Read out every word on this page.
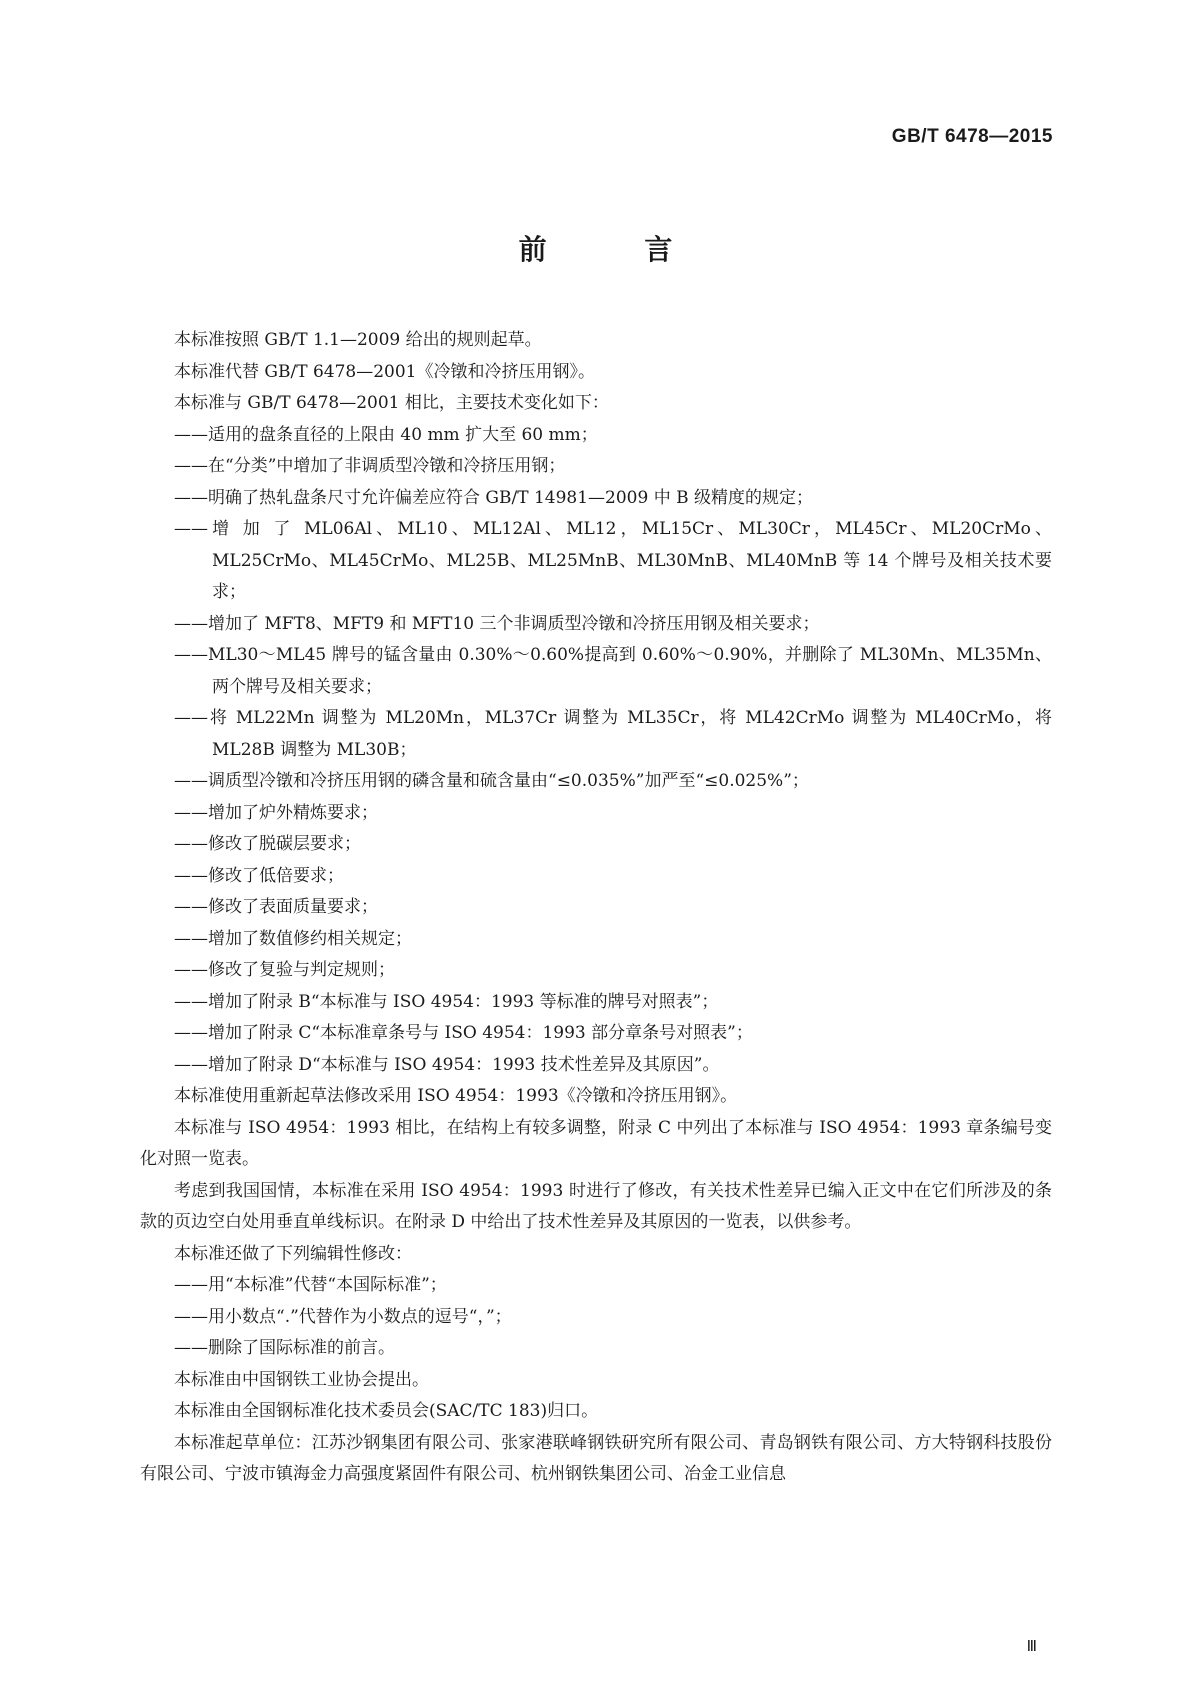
GB/T 6478—2015
前 言

本标准按照 GB/T 1.1—2009 给出的规则起草。

本标准代替 GB/T 6478—2001《冷镦和冷挤压用钢》。

本标准与 GB/T 6478—2001 相比，主要技术变化如下：

——适用的盘条直径的上限由 40 mm 扩大至 60 mm；

——在“分类”中增加了非调质型冷镦和冷挤压用钢；

——明确了热轧盘条尺寸允许偏差应符合 GB/T 14981—2009 中 B 级精度的规定；

——增 加 了 ML06Al、ML10、ML12Al、ML12，ML15Cr、ML30Cr，ML45Cr、ML20CrMo、ML25CrMo、ML45CrMo、ML25B、ML25MnB、ML30MnB、ML40MnB 等 14 个牌号及相关技术要求；

——增加了 MFT8、MFT9 和 MFT10 三个非调质型冷镦和冷挤压用钢及相关要求；

——ML30～ML45 牌号的锰含量由 0.30%～0.60%提高到 0.60%～0.90%，并删除了 ML30Mn、ML35Mn、两个牌号及相关要求；

——将 ML22Mn 调整为 ML20Mn，ML37Cr 调整为 ML35Cr，将 ML42CrMo 调整为 ML40CrMo，将 ML28B 调整为 ML30B；

——调质型冷镦和冷挤压用钢的磷含量和硫含量由“≤0.035%”加严至“≤0.025%”；

——增加了炉外精炼要求；

——修改了脱碳层要求；

——修改了低倍要求；

——修改了表面质量要求；

——增加了数值修约相关规定；

——修改了复验与判定规则；

——增加了附录 B“本标准与 ISO 4954：1993 等标准的牌号对照表”；

——增加了附录 C“本标准章条号与 ISO 4954：1993 部分章条号对照表”；

——增加了附录 D“本标准与 ISO 4954：1993 技术性差异及其原因”。

本标准使用重新起草法修改采用 ISO 4954：1993《冷镦和冷挤压用钢》。

本标准与 ISO 4954：1993 相比，在结构上有较多调整，附录 C 中列出了本标准与 ISO 4954：1993 章条编号变化对照一览表。

考虑到我国国情，本标准在采用 ISO 4954：1993 时进行了修改，有关技术性差异已编入正文中在它们所涉及的条款的页边空白处用垂直单线标识。在附录 D 中给出了技术性差异及其原因的一览表，以供参考。

本标准还做了下列编辑性修改：

——用“本标准”代替“本国际标准”；

——用小数点“.”代替作为小数点的逗号“，”；

——删除了国际标准的前言。

本标准由中国钢铁工业协会提出。

本标准由全国钢标准化技术委员会(SAC/TC 183)归口。

本标准起草单位：江苏沙钢集团有限公司、张家港联峰钢铁研究所有限公司、青岛钢铁有限公司、方大特钢科技股份有限公司、宁波市镇海金力高强度紧固件有限公司、杭州钢铁集团公司、冶金工业信息

Ⅲ
